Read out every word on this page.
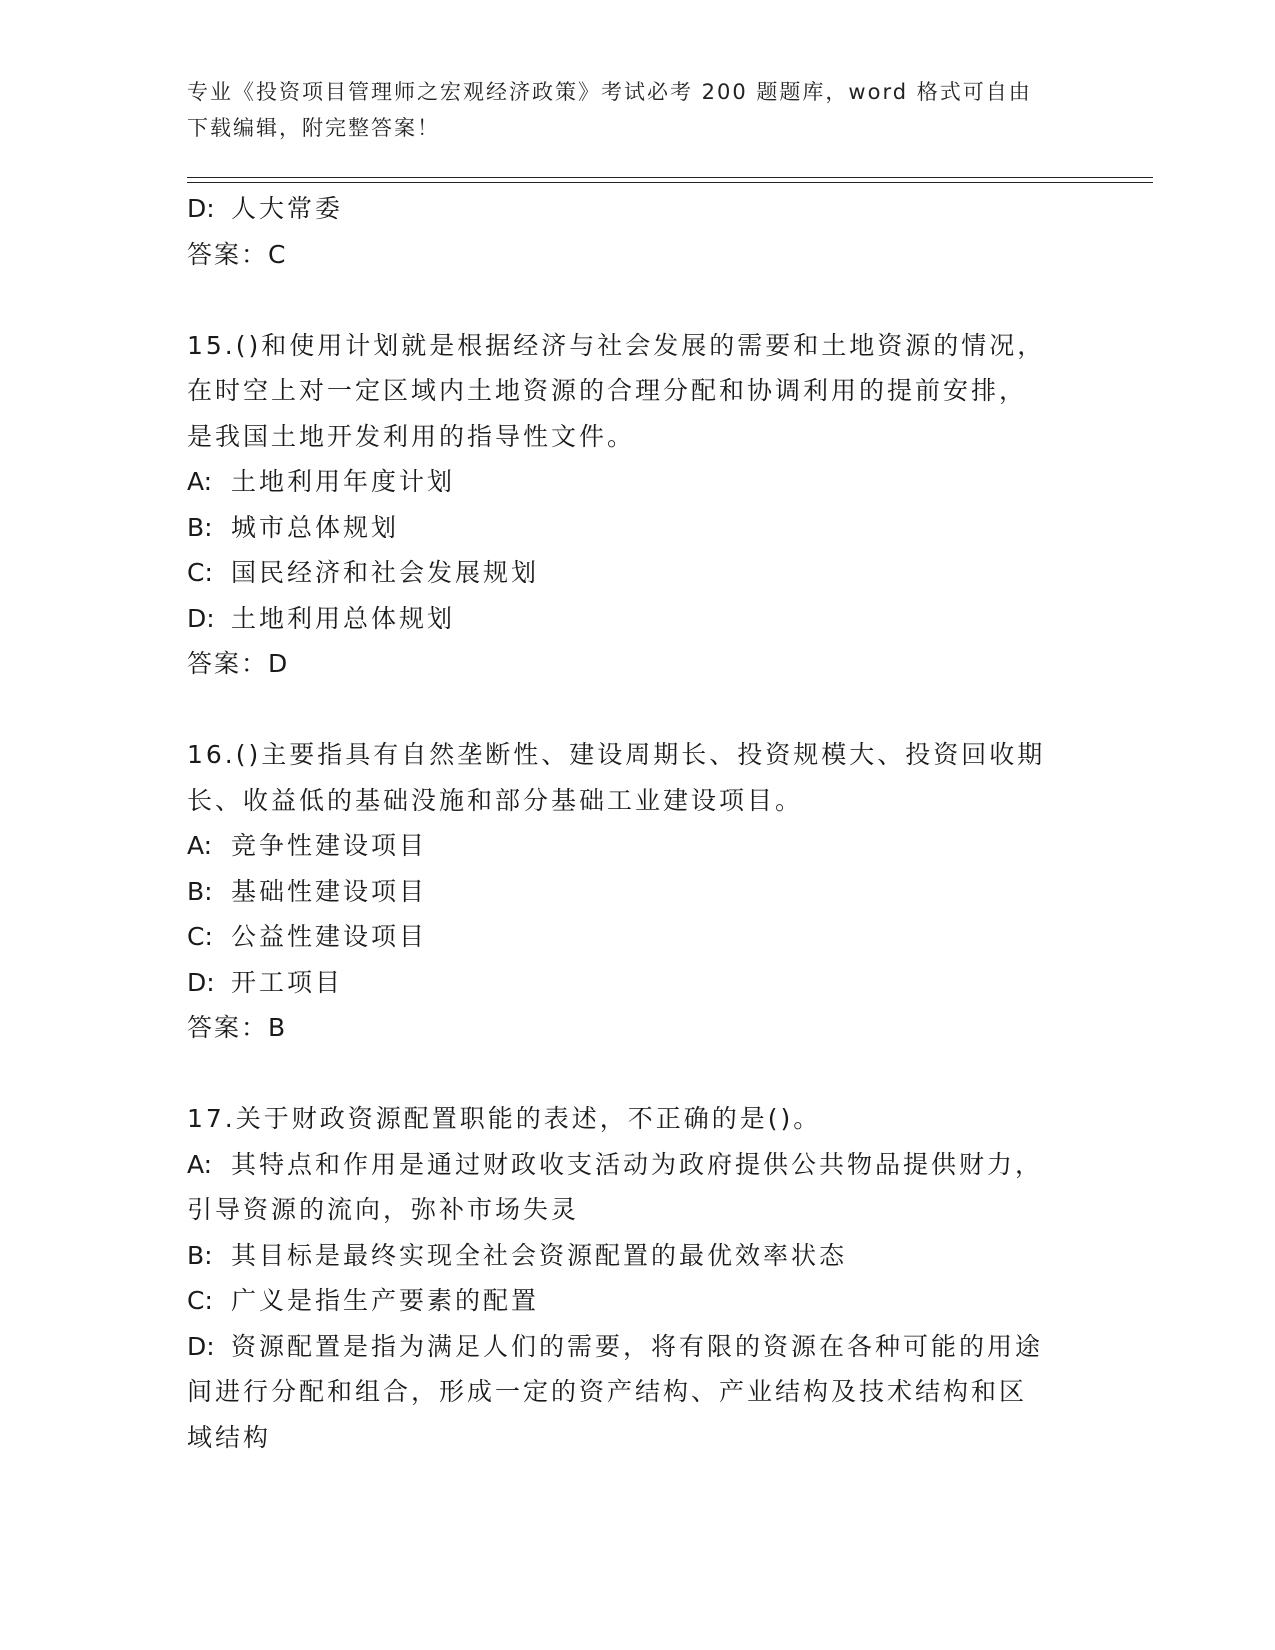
专业《投资项目管理师之宏观经济政策》考试必考 200 题题库，word 格式可自由
下载编辑，附完整答案！

D: 人大常委

答案：C

15.()和使用计划就是根据经济与社会发展的需要和土地资源的情况，

在时空上对一定区域内土地资源的合理分配和协调利用的提前安排，

是我国土地开发利用的指导性文件。

A: 土地利用年度计划

B: 城市总体规划

C: 国民经济和社会发展规划

D: 土地利用总体规划

答案：D

16.()主要指具有自然垄断性、建设周期长、投资规模大、投资回收期

长、收益低的基础没施和部分基础工业建设项目。

A: 竞争性建设项目

B: 基础性建设项目

C: 公益性建设项目

D: 开工项目

答案：B

17.关于财政资源配置职能的表述，不正确的是()。

A: 其特点和作用是通过财政收支活动为政府提供公共物品提供财力，

引导资源的流向，弥补市场失灵

B: 其目标是最终实现全社会资源配置的最优效率状态

C: 广义是指生产要素的配置

D: 资源配置是指为满足人们的需要，将有限的资源在各种可能的用途

间进行分配和组合，形成一定的资产结构、产业结构及技术结构和区

域结构
